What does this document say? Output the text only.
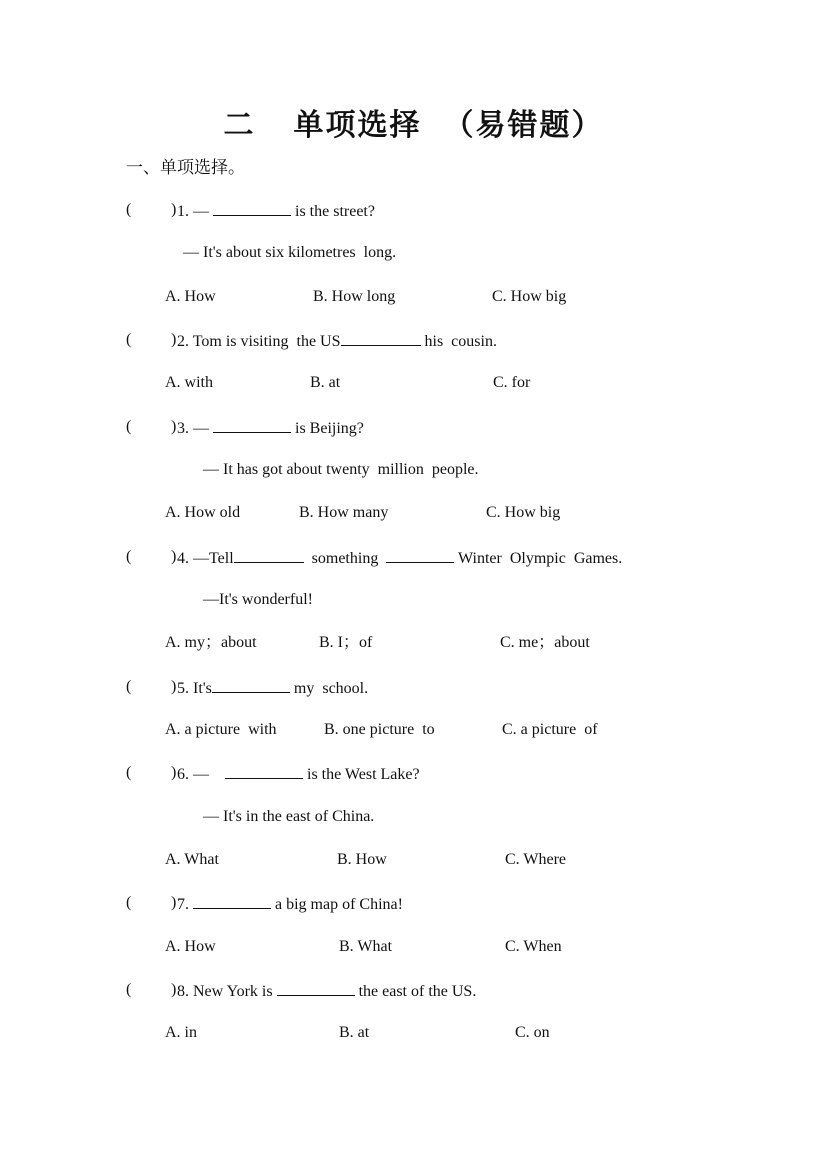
二 单项选择 （易错题）
一、单项选择。
( ) 1. —	is the street?
— It's about six kilometres  long.
A. How	B. How long	C. How big
( ) 2. Tom is visiting  the US	his  cousin.
A. with	B. at	C. for
( ) 3. —	is Beijing?
— It has got about twenty  million  people.
A. How old	B. How many	C. How big
( ) 4. —Tell	something	Winter  Olympic  Games.
—It's wonderful!
A. my；about	B. I；of	C. me；about
( ) 5. It's	my  school.
A. a picture  with	B. one picture  to	C. a picture  of
( ) 6. —	is the West Lake?
— It's in the east of China.
A. What	B. How	C. Where
( ) 7.	a big map of China!
A. How	B. What	C. When
( ) 8. New York is	the east of the US.
A. in	B. at	C. on
